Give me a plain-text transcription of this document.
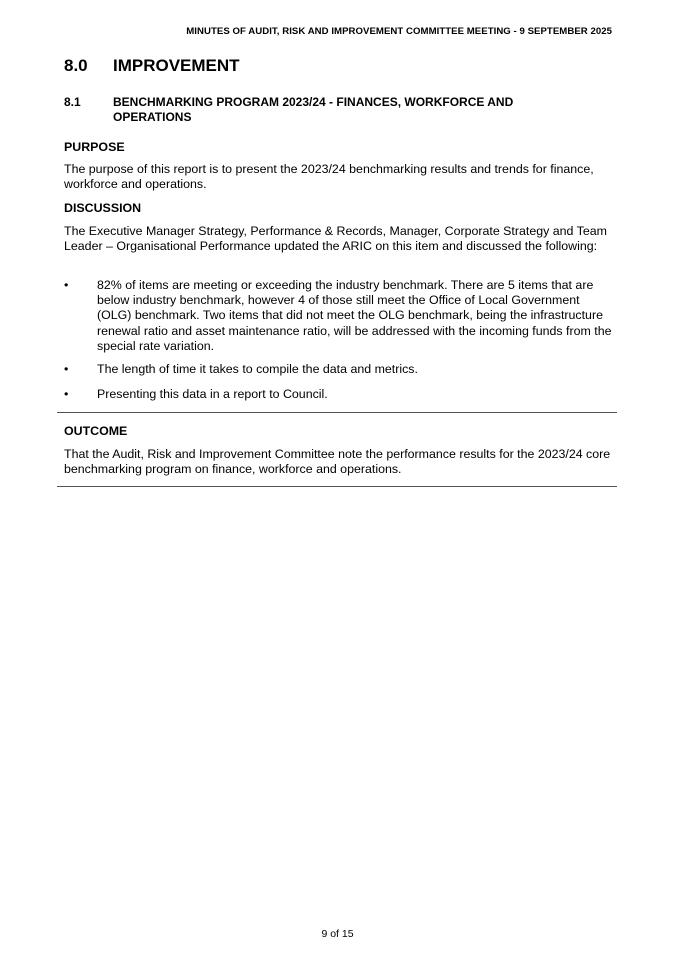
MINUTES OF AUDIT, RISK AND IMPROVEMENT COMMITTEE MEETING - 9 SEPTEMBER 2025
8.0 IMPROVEMENT
8.1	BENCHMARKING PROGRAM 2023/24 - FINANCES, WORKFORCE AND OPERATIONS
PURPOSE
The purpose of this report is to present the 2023/24 benchmarking results and trends for finance, workforce and operations.
DISCUSSION
The Executive Manager Strategy, Performance & Records, Manager, Corporate Strategy and Team Leader – Organisational Performance updated the ARIC on this item and discussed the following:
• 82% of items are meeting or exceeding the industry benchmark. There are 5 items that are below industry benchmark, however 4 of those still meet the Office of Local Government (OLG) benchmark. Two items that did not meet the OLG benchmark, being the infrastructure renewal ratio and asset maintenance ratio, will be addressed with the incoming funds from the special rate variation.
• The length of time it takes to compile the data and metrics.
• Presenting this data in a report to Council.
OUTCOME
That the Audit, Risk and Improvement Committee note the performance results for the 2023/24 core benchmarking program on finance, workforce and operations.
9 of 15
